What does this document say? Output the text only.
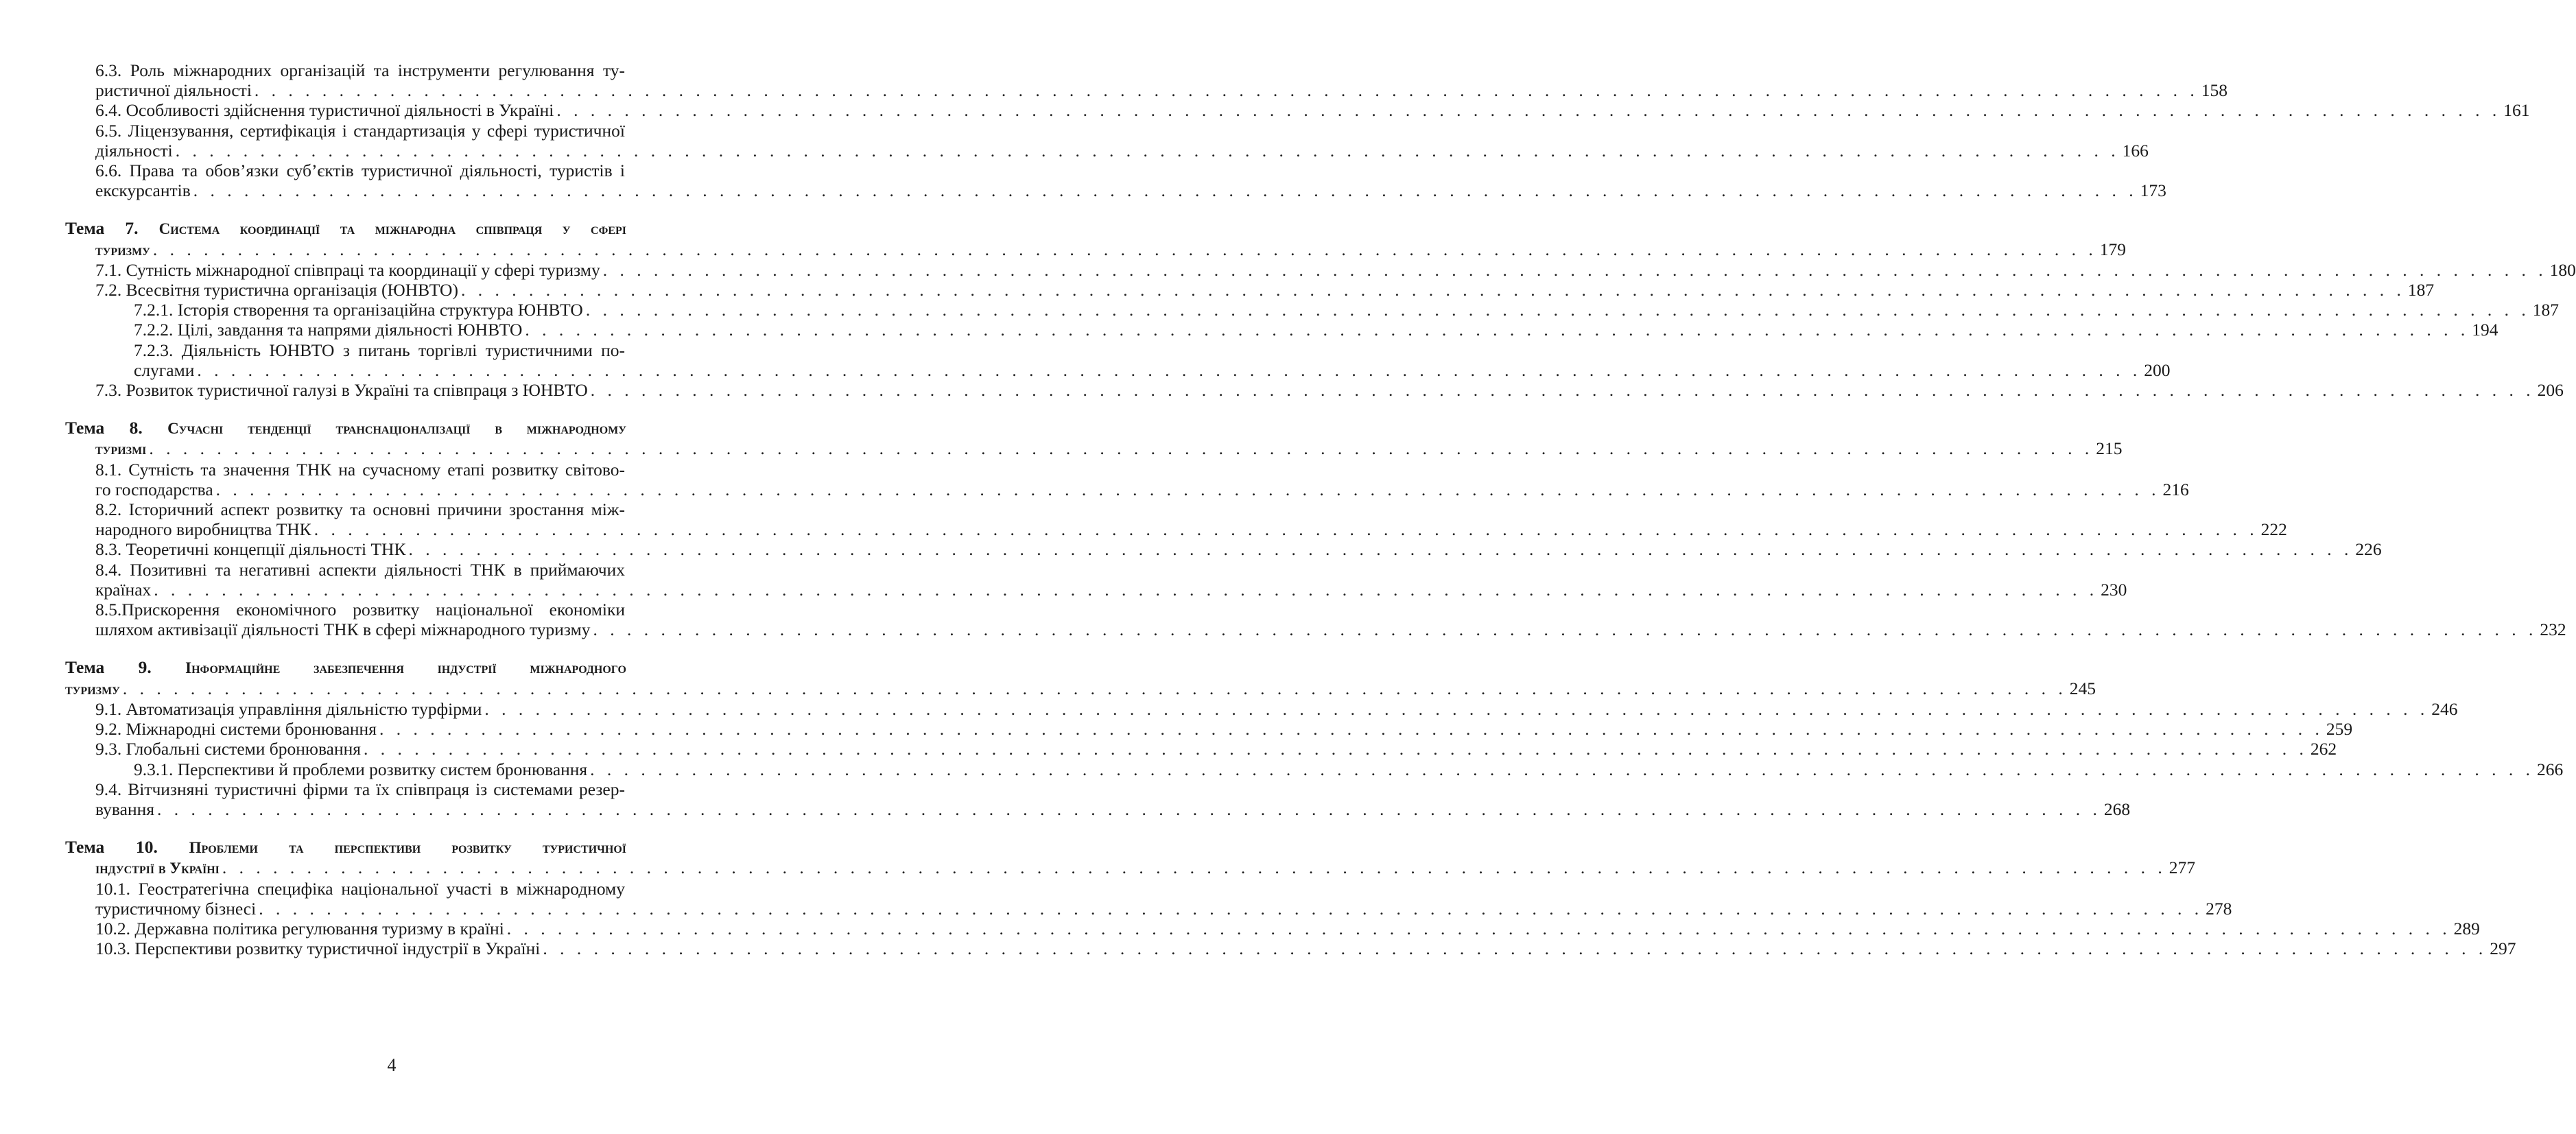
6.3. Роль міжнародних організацій та інструменти регулювання ту-
ристичної діяльності . . . . . . . . . . . . . . . . . . . . . . . . . . . . . . . . . . . . . . . . . . . . . . . . . . . . . . . . . . . . . . . . . . . . . . . . . . . . . . . . . . . . . . . . . . . . . . . . . . . . . . . . . . . . . . . . . . . 158
6.4. Особливості здійснення туристичної діяльності в Україні . . . . . . . . . . . . . . . . . . . . . . . . . . . . . . . . . . . . . . . . . . . . . . . . . . . . . . . . . . . . . . . . . . . . . . . . . . . . . . . . . . . . . . . . . . . . . . . . . . . . . . . . . . . . . . . . . . . 161
6.5. Ліцензування, сертифікація і стандартизація у сфері туристичної
діяльності . . . . . . . . . . . . . . . . . . . . . . . . . . . . . . . . . . . . . . . . . . . . . . . . . . . . . . . . . . . . . . . . . . . . . . . . . . . . . . . . . . . . . . . . . . . . . . . . . . . . . . . . . . . . . . . . . . . 166
6.6. Права та обов’язки суб’єктів туристичної діяльності, туристів і
екскурсантів . . . . . . . . . . . . . . . . . . . . . . . . . . . . . . . . . . . . . . . . . . . . . . . . . . . . . . . . . . . . . . . . . . . . . . . . . . . . . . . . . . . . . . . . . . . . . . . . . . . . . . . . . . . . . . . . . . . 173
Тема 7. Система координації та міжнародна співпраця у сфері
туризму . . . . . . . . . . . . . . . . . . . . . . . . . . . . . . . . . . . . . . . . . . . . . . . . . . . . . . . . . . . . . . . . . . . . . . . . . . . . . . . . . . . . . . . . . . . . . . . . . . . . . . . . . . . . . . . . . . . 179
7.1. Сутність міжнародної співпраці та координації у сфері туризму . . . . . . . . . . . . . . . . . . . . . . . . . . . . . . . . . . . . . . . . . . . . . . . . . . . . . . . . . . . . . . . . . . . . . . . . . . . . . . . . . . . . . . . . . . . . . . . . . . . . . . . . . . . . . . . . . . . 180
7.2. Всесвітня туристична організація (ЮНВТО) . . . . . . . . . . . . . . . . . . . . . . . . . . . . . . . . . . . . . . . . . . . . . . . . . . . . . . . . . . . . . . . . . . . . . . . . . . . . . . . . . . . . . . . . . . . . . . . . . . . . . . . . . . . . . . . . . . . 187
7.2.1. Історія створення та організаційна структура ЮНВТО . . . . . . . . . . . . . . . . . . . . . . . . . . . . . . . . . . . . . . . . . . . . . . . . . . . . . . . . . . . . . . . . . . . . . . . . . . . . . . . . . . . . . . . . . . . . . . . . . . . . . . . . . . . . . . . . . . . 187
7.2.2. Цілі, завдання та напрями діяльності ЮНВТО . . . . . . . . . . . . . . . . . . . . . . . . . . . . . . . . . . . . . . . . . . . . . . . . . . . . . . . . . . . . . . . . . . . . . . . . . . . . . . . . . . . . . . . . . . . . . . . . . . . . . . . . . . . . . . . . . . . 194
7.2.3. Діяльність ЮНВТО з питань торгівлі туристичними по-
слугами . . . . . . . . . . . . . . . . . . . . . . . . . . . . . . . . . . . . . . . . . . . . . . . . . . . . . . . . . . . . . . . . . . . . . . . . . . . . . . . . . . . . . . . . . . . . . . . . . . . . . . . . . . . . . . . . . . . 200
7.3. Розвиток туристичної галузі в Україні та співпраця з ЮНВТО . . . . . . . . . . . . . . . . . . . . . . . . . . . . . . . . . . . . . . . . . . . . . . . . . . . . . . . . . . . . . . . . . . . . . . . . . . . . . . . . . . . . . . . . . . . . . . . . . . . . . . . . . . . . . . . . . . . 206
Тема 8. Сучасні тенденції транснаціоналізації в міжнародному
туризмі . . . . . . . . . . . . . . . . . . . . . . . . . . . . . . . . . . . . . . . . . . . . . . . . . . . . . . . . . . . . . . . . . . . . . . . . . . . . . . . . . . . . . . . . . . . . . . . . . . . . . . . . . . . . . . . . . . . 215
8.1. Сутність та значення ТНК на сучасному етапі розвитку світово-
го господарства . . . . . . . . . . . . . . . . . . . . . . . . . . . . . . . . . . . . . . . . . . . . . . . . . . . . . . . . . . . . . . . . . . . . . . . . . . . . . . . . . . . . . . . . . . . . . . . . . . . . . . . . . . . . . . . . . . . 216
8.2. Історичний аспект розвитку та основні причини зростання між-
народного виробництва ТНК . . . . . . . . . . . . . . . . . . . . . . . . . . . . . . . . . . . . . . . . . . . . . . . . . . . . . . . . . . . . . . . . . . . . . . . . . . . . . . . . . . . . . . . . . . . . . . . . . . . . . . . . . . . . . . . . . . . 222
8.3. Теоретичні концепції діяльності ТНК . . . . . . . . . . . . . . . . . . . . . . . . . . . . . . . . . . . . . . . . . . . . . . . . . . . . . . . . . . . . . . . . . . . . . . . . . . . . . . . . . . . . . . . . . . . . . . . . . . . . . . . . . . . . . . . . . . . 226
8.4. Позитивні та негативні аспекти діяльності ТНК в приймаючих
країнах . . . . . . . . . . . . . . . . . . . . . . . . . . . . . . . . . . . . . . . . . . . . . . . . . . . . . . . . . . . . . . . . . . . . . . . . . . . . . . . . . . . . . . . . . . . . . . . . . . . . . . . . . . . . . . . . . . . 230
8.5.Прискорення економічного розвитку національної економіки
шляхом активізації діяльності ТНК в сфері міжнародного туризму . . . . . . . . . . . . . . . . . . . . . . . . . . . . . . . . . . . . . . . . . . . . . . . . . . . . . . . . . . . . . . . . . . . . . . . . . . . . . . . . . . . . . . . . . . . . . . . . . . . . . . . . . . . . . . . . . . . 232
Тема 9. Інформаційне забезпечення індустрії міжнародного
туризму . . . . . . . . . . . . . . . . . . . . . . . . . . . . . . . . . . . . . . . . . . . . . . . . . . . . . . . . . . . . . . . . . . . . . . . . . . . . . . . . . . . . . . . . . . . . . . . . . . . . . . . . . . . . . . . . . . . 245
9.1. Автоматизація управління діяльністю турфірми . . . . . . . . . . . . . . . . . . . . . . . . . . . . . . . . . . . . . . . . . . . . . . . . . . . . . . . . . . . . . . . . . . . . . . . . . . . . . . . . . . . . . . . . . . . . . . . . . . . . . . . . . . . . . . . . . . . 246
9.2. Міжнародні системи бронювання . . . . . . . . . . . . . . . . . . . . . . . . . . . . . . . . . . . . . . . . . . . . . . . . . . . . . . . . . . . . . . . . . . . . . . . . . . . . . . . . . . . . . . . . . . . . . . . . . . . . . . . . . . . . . . . . . . . 259
9.3. Глобальні системи бронювання . . . . . . . . . . . . . . . . . . . . . . . . . . . . . . . . . . . . . . . . . . . . . . . . . . . . . . . . . . . . . . . . . . . . . . . . . . . . . . . . . . . . . . . . . . . . . . . . . . . . . . . . . . . . . . . . . . . 262
9.3.1. Перспективи й проблеми розвитку систем бронювання . . . . . . . . . . . . . . . . . . . . . . . . . . . . . . . . . . . . . . . . . . . . . . . . . . . . . . . . . . . . . . . . . . . . . . . . . . . . . . . . . . . . . . . . . . . . . . . . . . . . . . . . . . . . . . . . . . . 266
9.4. Вітчизняні туристичні фірми та їх співпраця із системами резер-
вування . . . . . . . . . . . . . . . . . . . . . . . . . . . . . . . . . . . . . . . . . . . . . . . . . . . . . . . . . . . . . . . . . . . . . . . . . . . . . . . . . . . . . . . . . . . . . . . . . . . . . . . . . . . . . . . . . . . 268
Тема 10. Проблеми та перспективи розвитку туристичної
індустрії в Україні . . . . . . . . . . . . . . . . . . . . . . . . . . . . . . . . . . . . . . . . . . . . . . . . . . . . . . . . . . . . . . . . . . . . . . . . . . . . . . . . . . . . . . . . . . . . . . . . . . . . . . . . . . . . . . . . . . . 277
10.1. Геостратегічна специфіка національної участі в міжнародному
туристичному бізнесі . . . . . . . . . . . . . . . . . . . . . . . . . . . . . . . . . . . . . . . . . . . . . . . . . . . . . . . . . . . . . . . . . . . . . . . . . . . . . . . . . . . . . . . . . . . . . . . . . . . . . . . . . . . . . . . . . . . 278
10.2. Державна політика регулювання туризму в країні . . . . . . . . . . . . . . . . . . . . . . . . . . . . . . . . . . . . . . . . . . . . . . . . . . . . . . . . . . . . . . . . . . . . . . . . . . . . . . . . . . . . . . . . . . . . . . . . . . . . . . . . . . . . . . . . . . . 289
10.3. Перспективи розвитку туристичної індустрії в Україні . . . . . . . . . . . . . . . . . . . . . . . . . . . . . . . . . . . . . . . . . . . . . . . . . . . . . . . . . . . . . . . . . . . . . . . . . . . . . . . . . . . . . . . . . . . . . . . . . . . . . . . . . . . . . . . . . . . 297
4
